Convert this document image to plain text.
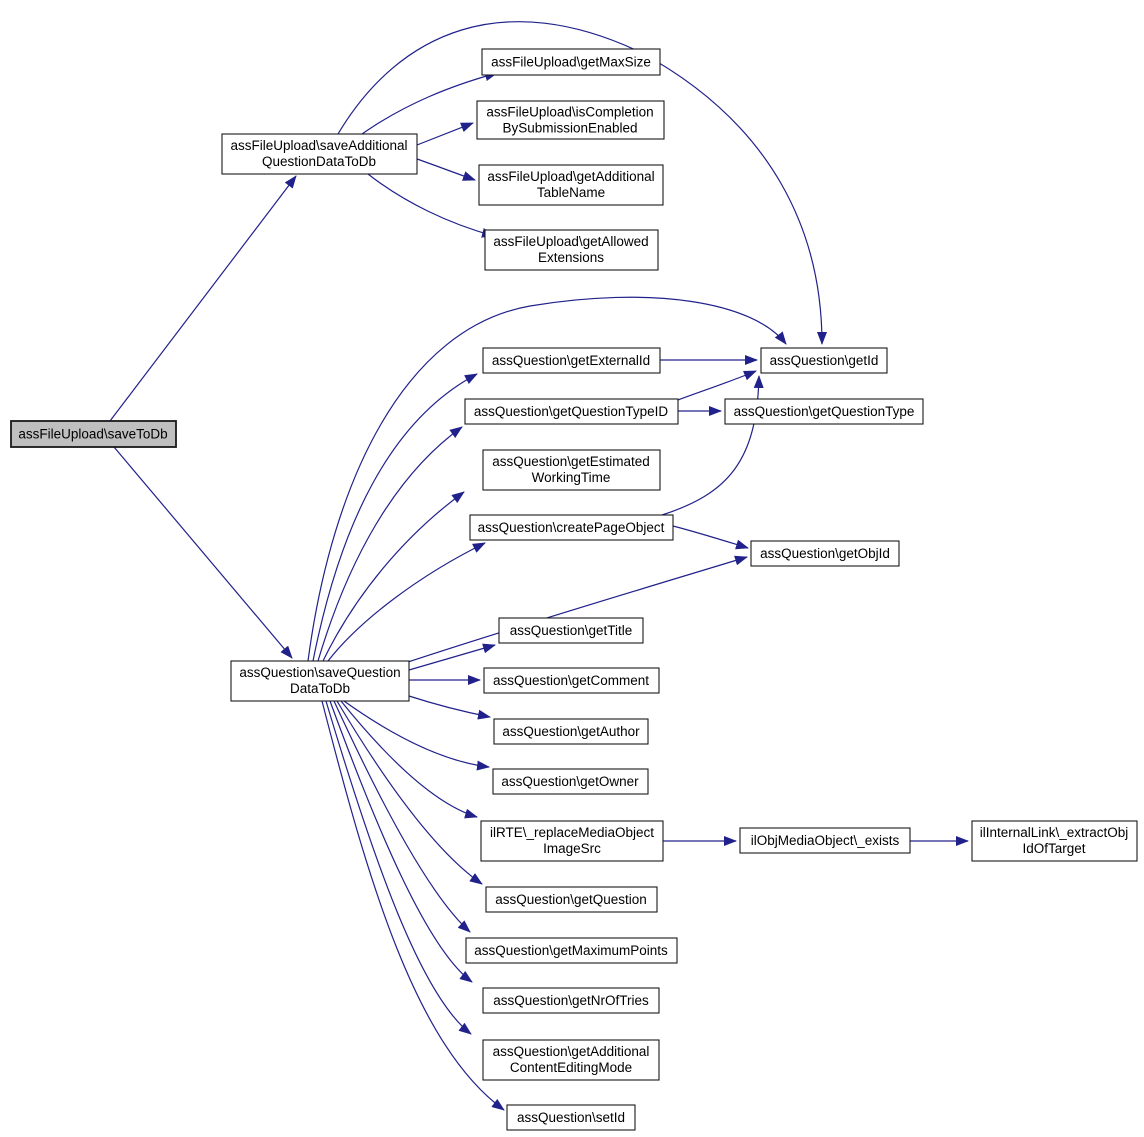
assFileUpload\saveToDb
assFileUpload\saveAdditional
QuestionDataToDb
assFileUpload\getMaxSize
assFileUpload\isCompletion
BySubmissionEnabled
assFileUpload\getAdditional
TableName
assFileUpload\getAllowed
Extensions
assQuestion\getExternalId	assQuestion\getId
assQuestion\getQuestionTypeID	assQuestion\getQuestionType
assQuestion\getEstimated
WorkingTime
assQuestion\createPageObject
assQuestion\getObjId
assQuestion\saveQuestion
DataToDb
assQuestion\getTitle
assQuestion\getComment
assQuestion\getAuthor
assQuestion\getOwner
ilRTE\_replaceMediaObject
ImageSrc
ilObjMediaObject\_exists
ilInternalLink\_extractObj
IdOfTarget
assQuestion\getQuestion
assQuestion\getMaximumPoints
assQuestion\getNrOfTries
assQuestion\getAdditional
ContentEditingMode
assQuestion\setId
